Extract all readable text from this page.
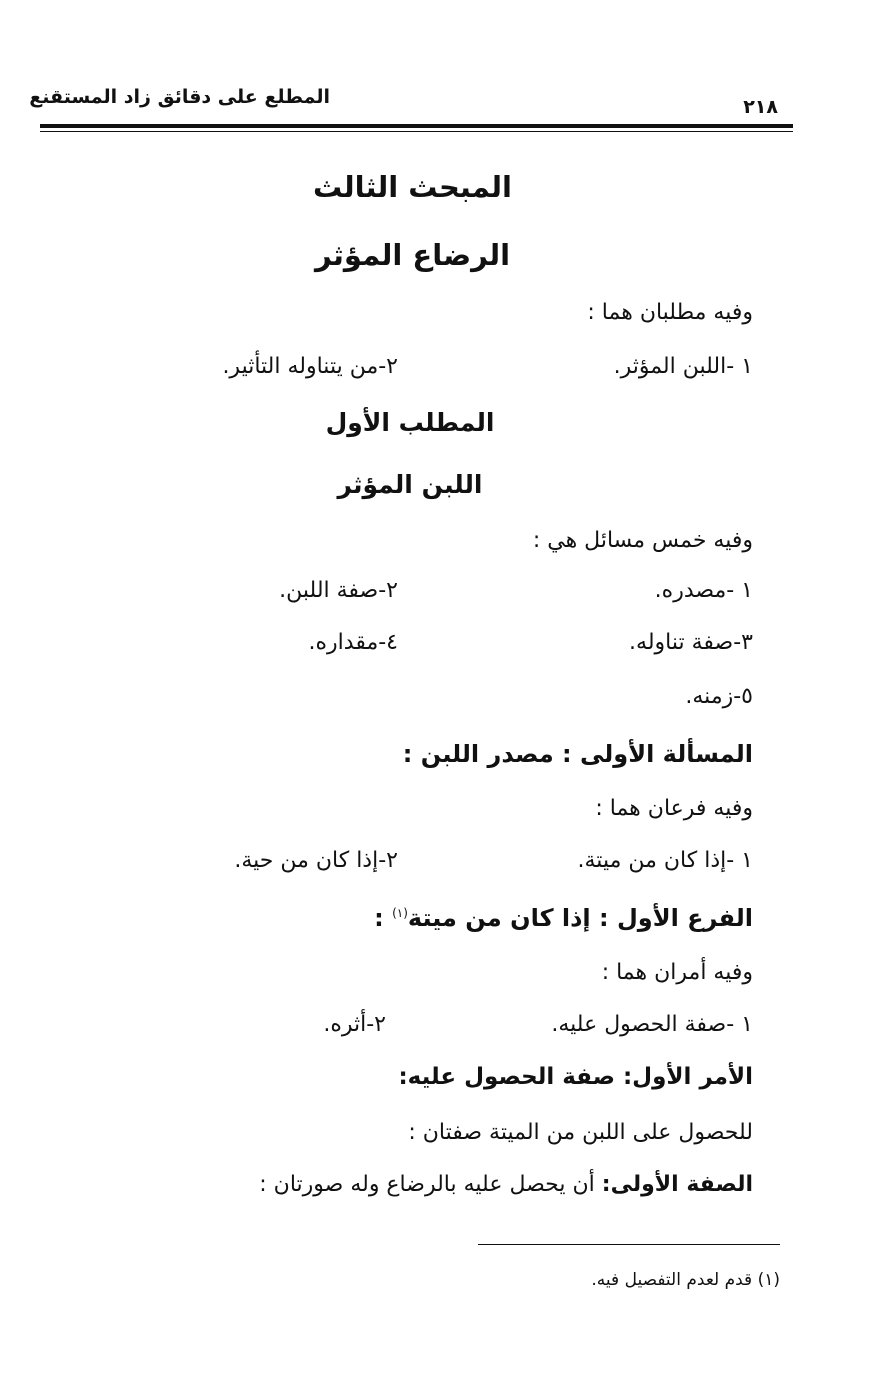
المطلع على دقائق زاد المستقنع	٢١٨
المبحث الثالث
الرضاع المؤثر
وفيه مطلبان هما :
١ -اللبن المؤثر.
٢-من يتناوله التأثير.
المطلب الأول
اللبن المؤثر
وفيه خمس مسائل هي :
١ -مصدره.
٢-صفة اللبن.
٣-صفة تناوله.
٤-مقداره.
٥-زمنه.
المسألة الأولى : مصدر اللبن :
وفيه فرعان هما :
١ -إذا كان من ميتة.
٢-إذا كان من حية.
الفرع الأول : إذا كان من ميتة$^{(١)}$ :
وفيه أمران هما :
١ -صفة الحصول عليه.
٢-أثره.
الأمر الأول: صفة الحصول عليه:
للحصول على اللبن من الميتة صفتان :
الصفة الأولى: أن يحصل عليه بالرضاع وله صورتان :
(١) قدم لعدم التفصيل فيه.
